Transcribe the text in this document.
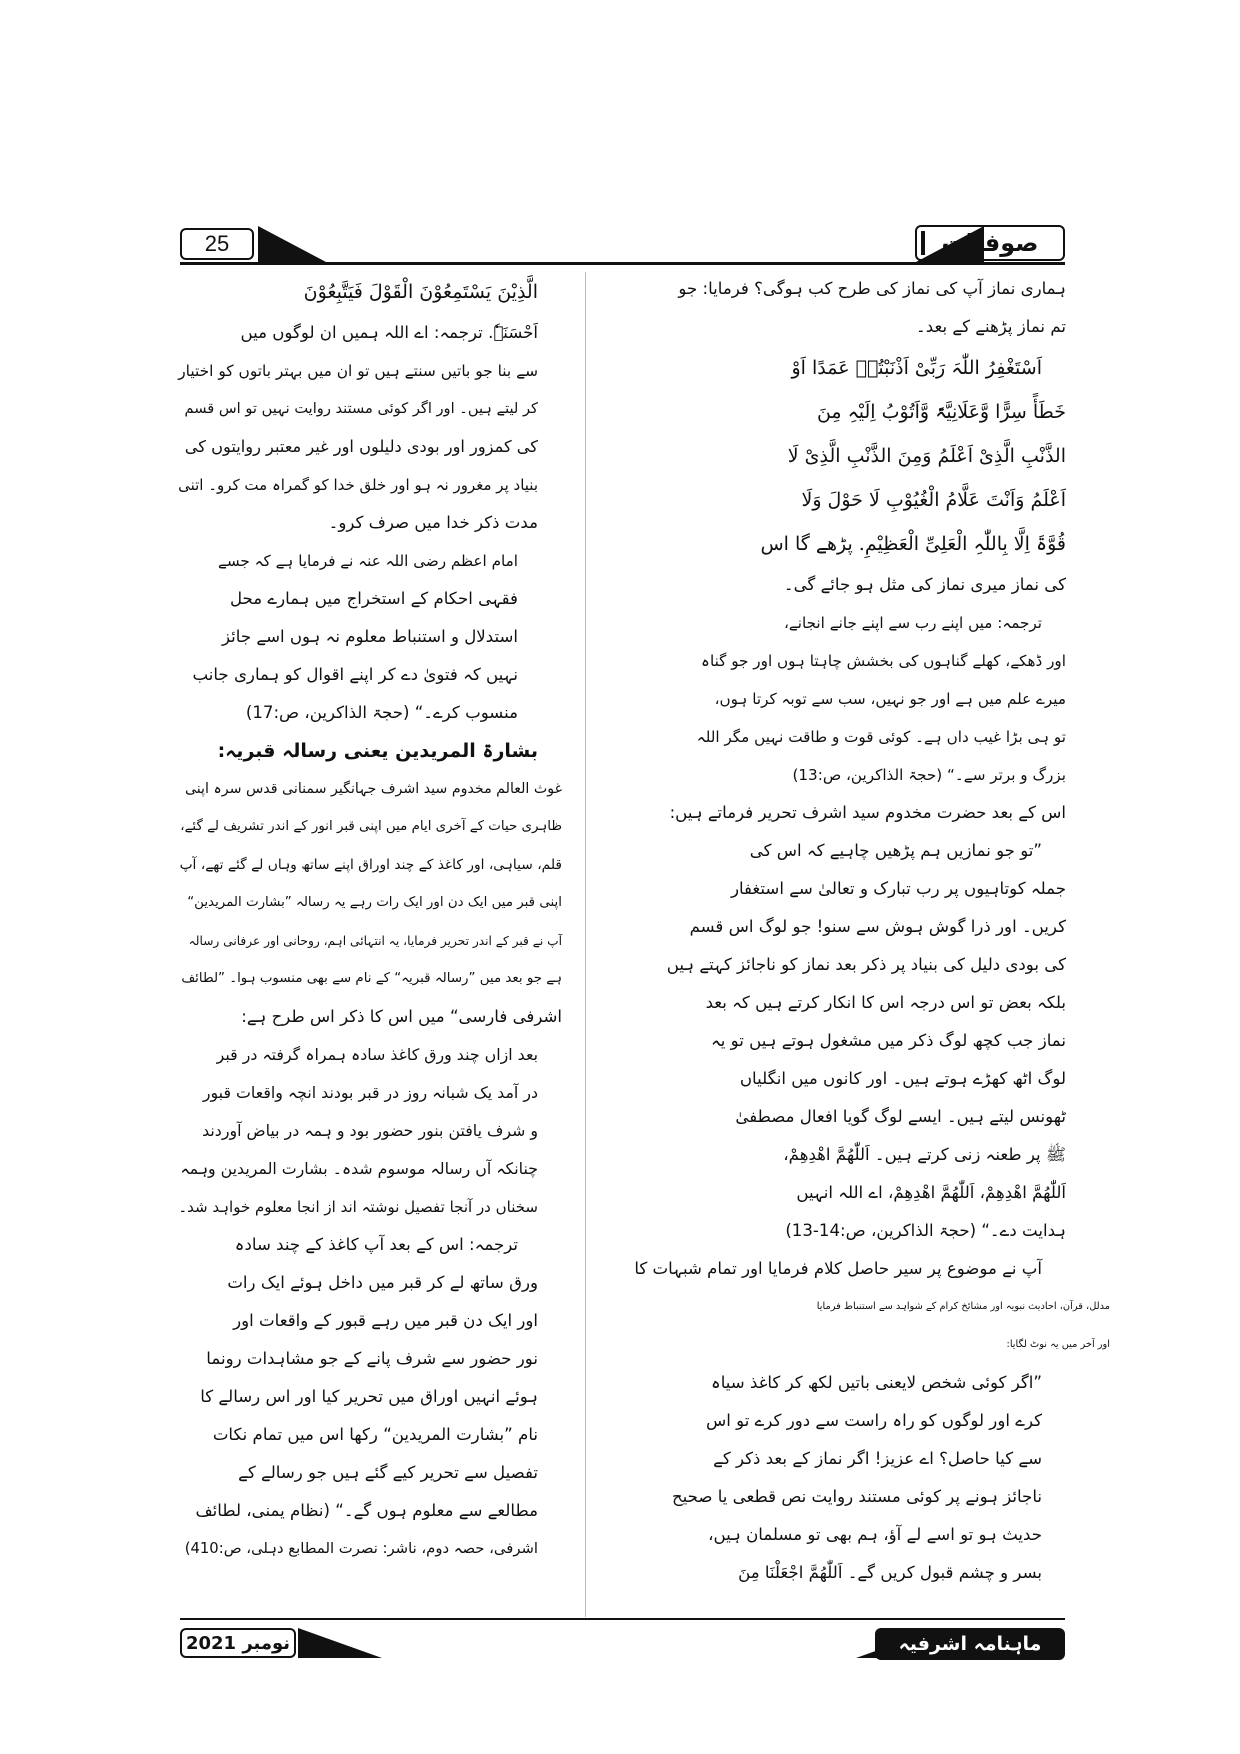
25	صوفیات

ہماری نماز آپ کی نماز کی طرح کب ہوگی؟ فرمایا: جو

تم نماز پڑھنے کے بعد۔

اَسْتَغْفِرُ اللّٰہَ رَبِّیْ اَذْنَبْتُہٗ عَمَدًا اَوْ

خَطَأً سِرًّا وَّعَلَانِیَّۃً وَّاَتُوْبُ اِلَیْہِ مِنَ

الذَّنْبِ الَّذِیْ اَعْلَمُ وَمِنَ الذَّنْبِ الَّذِیْ لَا

اَعْلَمُ وَاَنْتَ عَلَّامُ الْغُیُوْبِ لَا حَوْلَ وَلَا

قُوَّۃَ اِلَّا بِاللّٰہِ الْعَلِیِّ الْعَظِیْمِ. پڑھے گا اس

کی نماز میری نماز کی مثل ہو جائے گی۔

ترجمہ: میں اپنے رب سے اپنے جانے انجانے،

اور ڈھکے، کھلے گناہوں کی بخشش چاہتا ہوں اور جو گناہ

میرے علم میں ہے اور جو نہیں، سب سے توبہ کرتا ہوں،

تو ہی بڑا غیب داں ہے۔ کوئی قوت و طاقت نہیں مگر اللہ

بزرگ و برتر سے۔“ (حجۃ الذاکرین، ص:13)

اس کے بعد حضرت مخدوم سید اشرف تحریر فرماتے ہیں:

”تو جو نمازیں ہم پڑھیں چاہیے کہ اس کی

جملہ کوتاہیوں پر رب تبارک و تعالیٰ سے استغفار

کریں۔ اور ذرا گوش ہوش سے سنو! جو لوگ اس قسم

کی بودی دلیل کی بنیاد پر ذکر بعد نماز کو ناجائز کہتے ہیں

بلکہ بعض تو اس درجہ اس کا انکار کرتے ہیں کہ بعد

نماز جب کچھ لوگ ذکر میں مشغول ہوتے ہیں تو یہ

لوگ اٹھ کھڑے ہوتے ہیں۔ اور کانوں میں انگلیاں

ٹھونس لیتے ہیں۔ ایسے لوگ گویا افعال مصطفیٰ

ﷺ پر طعنہ زنی کرتے ہیں۔ اَللّٰھُمَّ اھْدِھِمْ،

اَللّٰھُمَّ اھْدِھِمْ، اَللّٰھُمَّ اھْدِھِمْ، اے اللہ انہیں

ہدایت دے۔“ (حجۃ الذاکرین، ص:14-13)

آپ نے موضوع پر سیر حاصل کلام فرمایا اور تمام شبہات کا

مدلل، قرآن، احادیث نبویہ اور مشائخ کرام کے شواہد سے استنباط فرمایا

اور آخر میں یہ نوٹ لگایا:

”اگر کوئی شخص لایعنی باتیں لکھ کر کاغذ سیاہ

کرے اور لوگوں کو راہ راست سے دور کرے تو اس

سے کیا حاصل؟ اے عزیز! اگر نماز کے بعد ذکر کے

ناجائز ہونے پر کوئی مستند روایت نص قطعی یا صحیح

حدیث ہو تو اسے لے آؤ، ہم بھی تو مسلمان ہیں،

بسر و چشم قبول کریں گے۔ اَللّٰھُمَّ اجْعَلْنَا مِنَ

الَّذِیْنَ یَسْتَمِعُوْنَ الْقَوْلَ فَیَتَّبِعُوْنَ

اَحْسَنَہٗ. ترجمہ: اے اللہ ہمیں ان لوگوں میں

سے بنا جو باتیں سنتے ہیں تو ان میں بہتر باتوں کو اختیار

کر لیتے ہیں۔ اور اگر کوئی مستند روایت نہیں تو اس قسم

کی کمزور اور بودی دلیلوں اور غیر معتبر روایتوں کی

بنیاد پر مغرور نہ ہو اور خلق خدا کو گمراہ مت کرو۔ اتنی

مدت ذکر خدا میں صرف کرو۔

امام اعظم رضی اللہ عنہ نے فرمایا ہے کہ جسے

فقہی احکام کے استخراج میں ہمارے محل

استدلال و استنباط معلوم نہ ہوں اسے جائز

نہیں کہ فتویٰ دے کر اپنے اقوال کو ہماری جانب

منسوب کرے۔“ (حجۃ الذاکرین، ص:17)

بشارۃ المریدین یعنی رسالہ قبریہ:

غوث العالم مخدوم سید اشرف جہانگیر سمنانی قدس سرہ اپنی

ظاہری حیات کے آخری ایام میں اپنی قبر انور کے اندر تشریف لے گئے،

قلم، سیاہی، اور کاغذ کے چند اوراق اپنے ساتھ وہاں لے گئے تھے، آپ

اپنی قبر میں ایک دن اور ایک رات رہے یہ رسالہ ”بشارت المریدین“

آپ نے قبر کے اندر تحریر فرمایا، یہ انتہائی اہم، روحانی اور عرفانی رسالہ

ہے جو بعد میں ”رسالہ قبریہ“ کے نام سے بھی منسوب ہوا۔ ”لطائف

اشرفی فارسی“ میں اس کا ذکر اس طرح ہے:

بعد ازاں چند ورق کاغذ سادہ ہمراہ گرفتہ در قبر

در آمد یک شبانہ روز در قبر بودند انچہ واقعات قبور

و شرف یافتن بنور حضور بود و ہمہ در بیاض آوردند

چنانکہ آں رسالہ موسوم شدہ۔ بشارت المریدین وہمہ

سخناں در آنجا تفصیل نوشتہ اند از انجا معلوم خواہد شد۔

ترجمہ: اس کے بعد آپ کاغذ کے چند سادہ

ورق ساتھ لے کر قبر میں داخل ہوئے ایک رات

اور ایک دن قبر میں رہے قبور کے واقعات اور

نور حضور سے شرف پانے کے جو مشاہدات رونما

ہوئے انہیں اوراق میں تحریر کیا اور اس رسالے کا

نام ”بشارت المریدین“ رکھا اس میں تمام نکات

تفصیل سے تحریر کیے گئے ہیں جو رسالے کے

مطالعے سے معلوم ہوں گے۔“ (نظام یمنی، لطائف

اشرفی، حصہ دوم، ناشر: نصرت المطابع دہلی، ص:410)

نومبر 2021	ماہنامہ اشرفیہ
